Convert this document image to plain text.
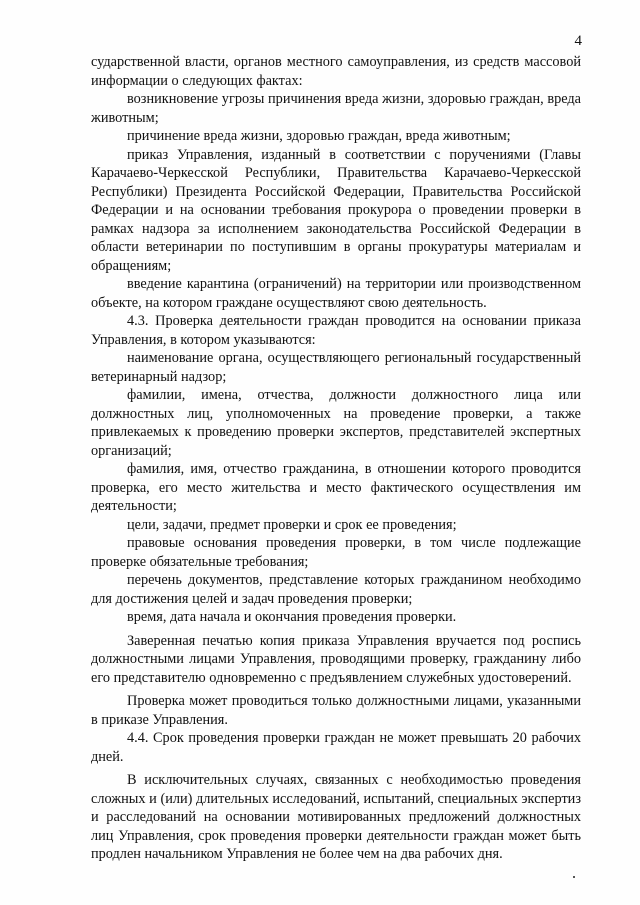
4

сударственной власти, органов местного самоуправления, из средств массовой информации о следующих фактах:

возникновение угрозы причинения вреда жизни, здоровью граждан, вреда животным;

причинение вреда жизни, здоровью граждан, вреда животным;

приказ Управления, изданный в соответствии с поручениями (Главы Карачаево-Черкесской Республики, Правительства Карачаево-Черкесской Республики) Президента Российской Федерации, Правительства Российской Федерации и на основании требования прокурора о проведении проверки в рамках надзора за исполнением законодательства Российской Федерации в области ветеринарии по поступившим в органы прокуратуры материалам и обращениям;

введение карантина (ограничений) на территории или производственном объекте, на котором граждане осуществляют свою деятельность.

4.3. Проверка деятельности граждан проводится на основании приказа Управления, в котором указываются:

наименование органа, осуществляющего региональный государственный ветеринарный надзор;

фамилии, имена, отчества, должности должностного лица или должностных лиц, уполномоченных на проведение проверки, а также привлекаемых к проведению проверки экспертов, представителей экспертных организаций;

фамилия, имя, отчество гражданина, в отношении которого проводится проверка, его место жительства и место фактического осуществления им деятельности;

цели, задачи, предмет проверки и срок ее проведения;

правовые основания проведения проверки, в том числе подлежащие проверке обязательные требования;

перечень документов, представление которых гражданином необходимо для достижения целей и задач проведения проверки;

время, дата начала и окончания проведения проверки.

Заверенная печатью копия приказа Управления вручается под роспись должностными лицами Управления, проводящими проверку, гражданину либо его представителю одновременно с предъявлением служебных удостоверений.

Проверка может проводиться только должностными лицами, указанными в приказе Управления.

4.4. Срок проведения проверки граждан не может превышать 20 рабочих дней.

В исключительных случаях, связанных с необходимостью проведения сложных и (или) длительных исследований, испытаний, специальных экспертиз и расследований на основании мотивированных предложений должностных лиц Управления, срок проведения проверки деятельности граждан может быть продлен начальником Управления не более чем на два рабочих дня.
